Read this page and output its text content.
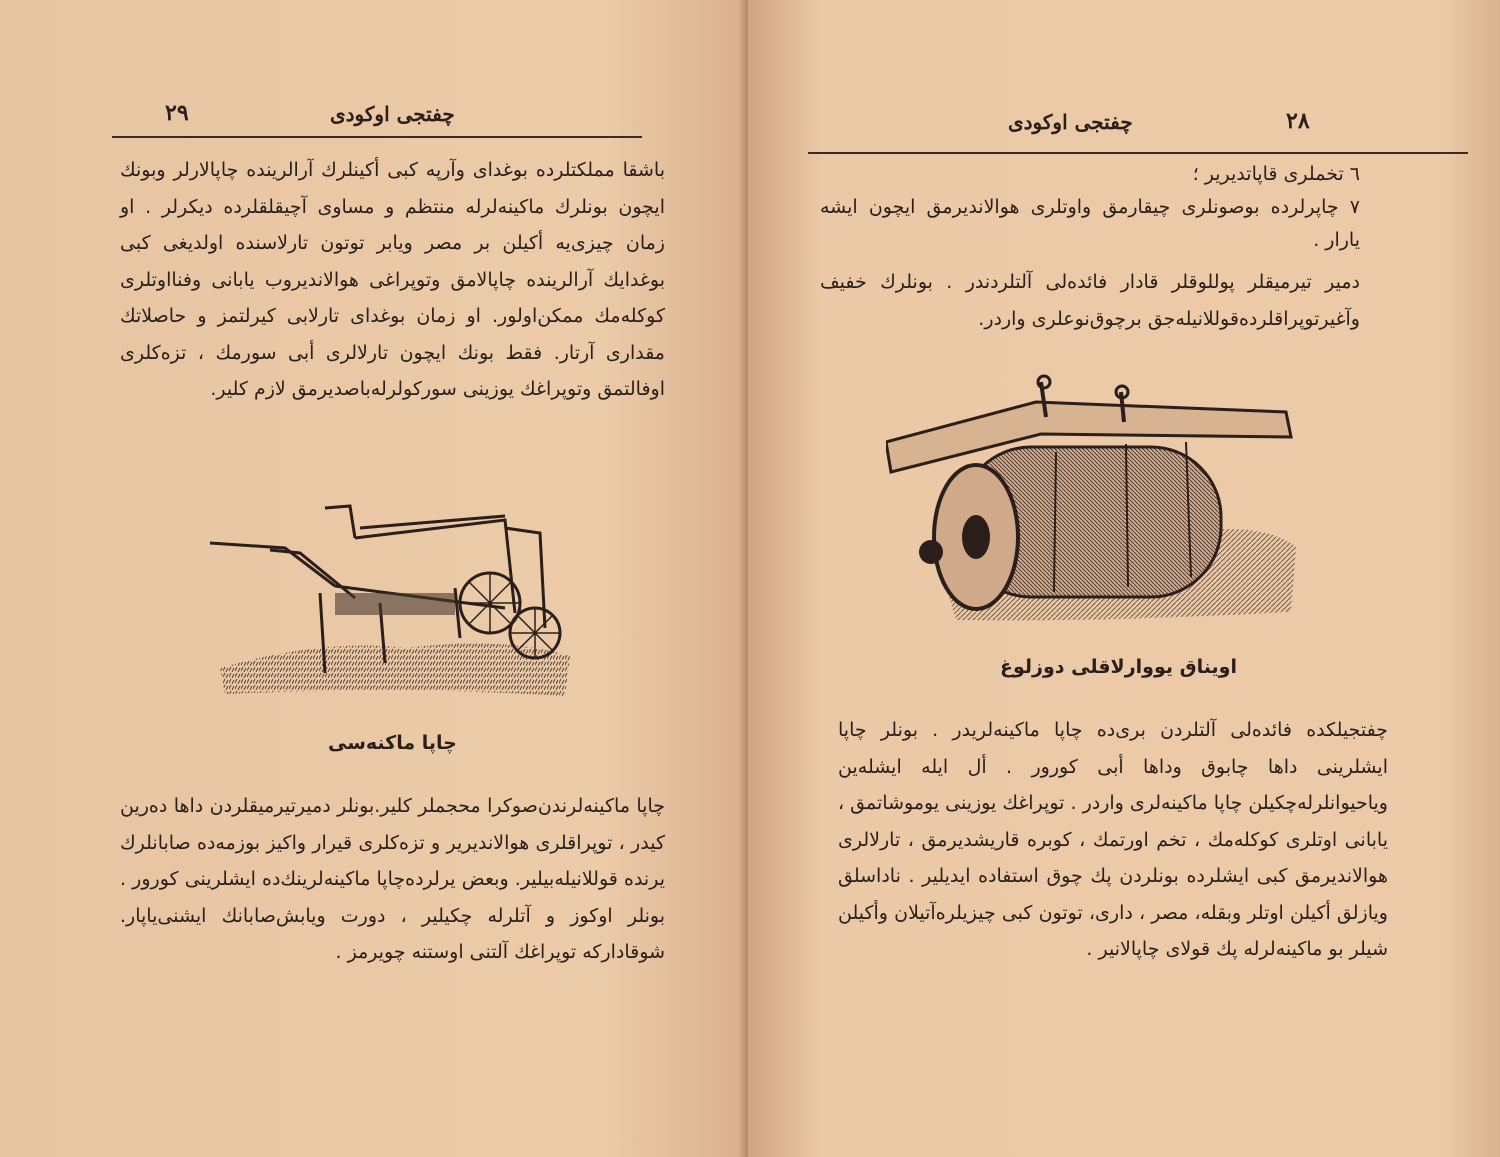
٢٩	چفتجی اوكودی

باشقا مملكتلرده بوغدای وآرپه كبی أكینلرك آرالرینده چاپالارلر وبونك ایچون بونلرك ماكینه‌لرله منتظم و مساوی آچیقلقلرده دیكرلر . او زمان چیزی‌یه أكیلن بر مصر ویابر توتون تارلاسنده اولدیغی كبی بوغدایك آرالرینده چاپالامق وتوپراغی هوالاندیروب یابانی وفنااوتلری كوكله‌مك ممكن‌اولور. او زمان بوغدای تارلابی كیرلتمز و حاصلاتك مقداری آرتار. فقط بونك ایچون تارلالری أبی سورمك ، تزه‌كلری اوفالتمق وتوپراغك یوزینی سوركولرله‌باصدیرمق لازم كلیر.

چاپا ماكنه‌سی

چاپا ماكینه‌لرندن‌صوكرا محجملر كلیر.بونلر دمیرتیرمیقلردن داها ده‌رین كیدر ، توپراقلری هوالاندیریر و تزه‌كلری قیرار واكیز بوزمه‌ده صابانلرك یرنده قوللانیله‌بیلیر. وبعض یرلرده‌چاپا ماكینه‌لرینك‌ده ایشلرینی كورور . بونلر اوكوز و آتلرله چكیلیر ، دورت ویابش‌صابانك ایشنی‌یاپار. شوقاداركه توپراغك آلتنی اوستنه چویرمز .

چفتجی اوكودی	٢٨

٦ تخملری قاپاتدیریر ؛

٧ چاپرلرده بوصونلری چیقارمق واوتلری هوالاندیرمق ایچون ایشه یارار .

دمیر تیرمیقلر پوللوقلر قادار فائده‌لی آلتلردندر . بونلرك خفیف وآغیرتوپراقلرده‌قوللانیله‌جق برچوق‌نوعلری واردر.

اویناق یووارلاقلی دوزلوغ

چفتجیلكده فائده‌لی آلتلردن بری‌ده چاپا ماكینه‌لریدر . بونلر چاپا ایشلرینی داها چابوق وداها أبی كورور . أل ایله ایشله‌ین ویاحیوانلرله‌چكیلن چاپا ماكینه‌لری واردر . توپراغك یوزینی یوموشاتمق ، یابانی اوتلری كوكله‌مك ، تخم اورتمك ، كوبره قاریشدیرمق ، تارلالری هوالاندیرمق كبی ایشلرده بونلردن پك چوق استفاده ایدیلیر . ناداسلق ویازلق أكیلن اوتلر وبقله، مصر ، داری، توتون كبی چیزیلره‌آتیلان وأكیلن شیلر بو ماكینه‌لرله پك قولای چاپالانیر .
